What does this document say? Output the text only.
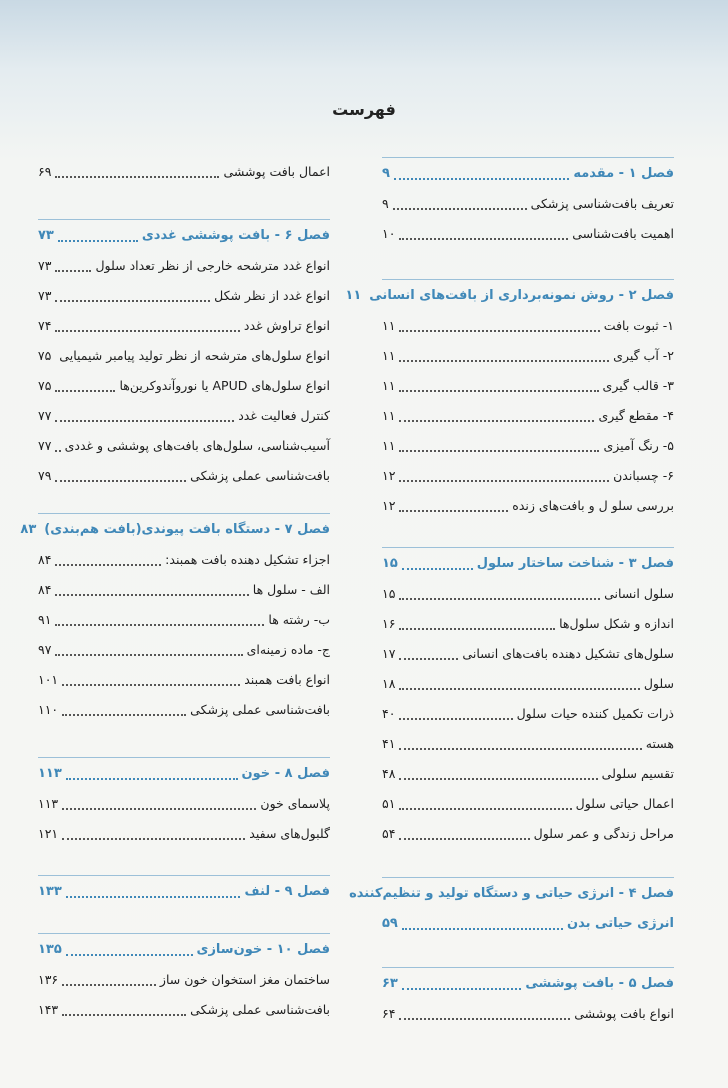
فهرست
فصل ۱ - مقدمه
۹
تعریف بافت‌شناسی پزشکی
۹
اهمیت بافت‌شناسی
۱۰
فصل ۲ - روش نمونه‌برداری از بافت‌های انسانی
۱۱
۱- ثبوت بافت
۱۱
۲- آب گیری
۱۱
۳- قالب گیری
۱۱
۴- مقطع گیری
۱۱
۵- رنگ آمیزی
۱۱
۶- چسباندن
۱۲
بررسی سلو ل و بافت‌های زنده
۱۲
فصل ۳ - شناخت ساختار سلول
۱۵
سلول انسانی
۱۵
اندازه و شکل سلول‌ها
۱۶
سلول‌های تشکیل دهنده بافت‌های انسانی
۱۷
سلول
۱۸
ذرات تکمیل کننده حیات سلول
۴۰
هسته
۴۱
تقسیم سلولی
۴۸
اعمال حیاتی سلول
۵۱
مراحل زندگی و عمر سلول
۵۴
فصل ۴ - انرژی حیاتی و دستگاه تولید و تنظیم‌کننده
انرژی حیاتی بدن
۵۹
فصل ۵ - بافت پوششی
۶۳
انواع بافت پوششی
۶۴
اعمال بافت پوششی
۶۹
فصل ۶ - بافت پوششی غددی
۷۳
انواع غدد مترشحه خارجی از نظر تعداد سلول
۷۳
انواع غدد از نظر شکل
۷۳
انواع تراوش غدد
۷۴
انواع سلول‌های مترشحه از نظر تولید پیامبر شیمیایی
۷۵
انواع سلول‌های APUD یا نوروآندوکرین‌ها
۷۵
کنترل فعالیت غدد
۷۷
آسیب‌شناسی، سلول‌های بافت‌های پوششی و غددی
۷۷
بافت‌شناسی عملی پزشکی
۷۹
فصل ۷ - دستگاه بافت پیوندی(بافت هم‌بندی)
۸۳
اجزاء تشکیل دهنده بافت همبند:
۸۴
الف - سلول ها
۸۴
ب- رشته ها
۹۱
ج- ماده زمینه‌ای
۹۷
انواع بافت همبند
۱۰۱
بافت‌شناسی عملی پزشکی
۱۱۰
فصل ۸ - خون
۱۱۳
پلاسمای خون
۱۱۳
گلبول‌های سفید
۱۲۱
فصل ۹ - لنف
۱۳۳
فصل ۱۰ - خون‌سازی
۱۳۵
ساختمان مغز استخوان خون ساز
۱۳۶
بافت‌شناسی عملی پزشکی
۱۴۳
